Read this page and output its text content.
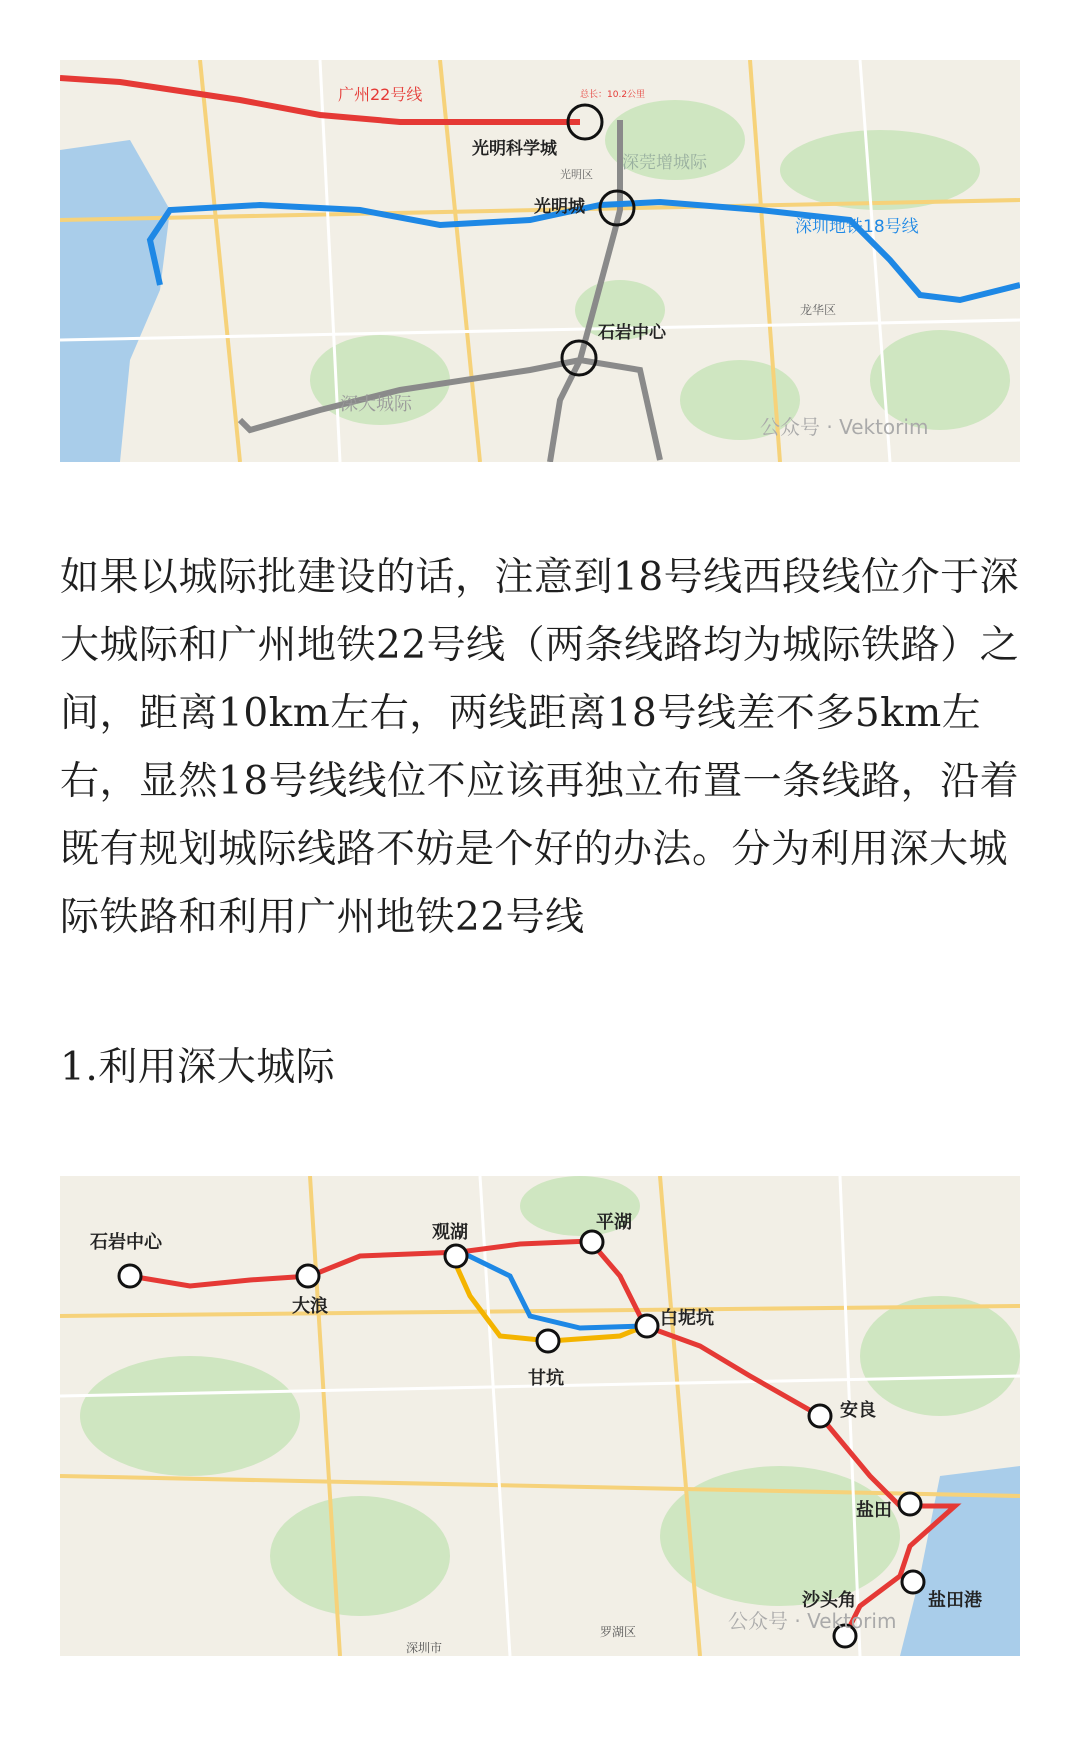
广州22号线
光明科学城
光明城
石岩中心
深圳地铁18号线
深大城际
深莞增城际
光明区
龙华区
总长：10.2公里
公众号 · Vektorim

如果以城际批建设的话，注意到18号线西段线位介于深大城际和广州地铁22号线（两条线路均为城际铁路）之间，距离10km左右，两线距离18号线差不多5km左右，显然18号线线位不应该再独立布置一条线路，沿着既有规划城际线路不妨是个好的办法。分为利用深大城际铁路和利用广州地铁22号线

1.利用深大城际

石岩中心
大浪
观湖	平湖
白坭坑
甘坑
安良
盐田
沙头角	盐田港
深圳市
罗湖区	公众号 · Vektorim
